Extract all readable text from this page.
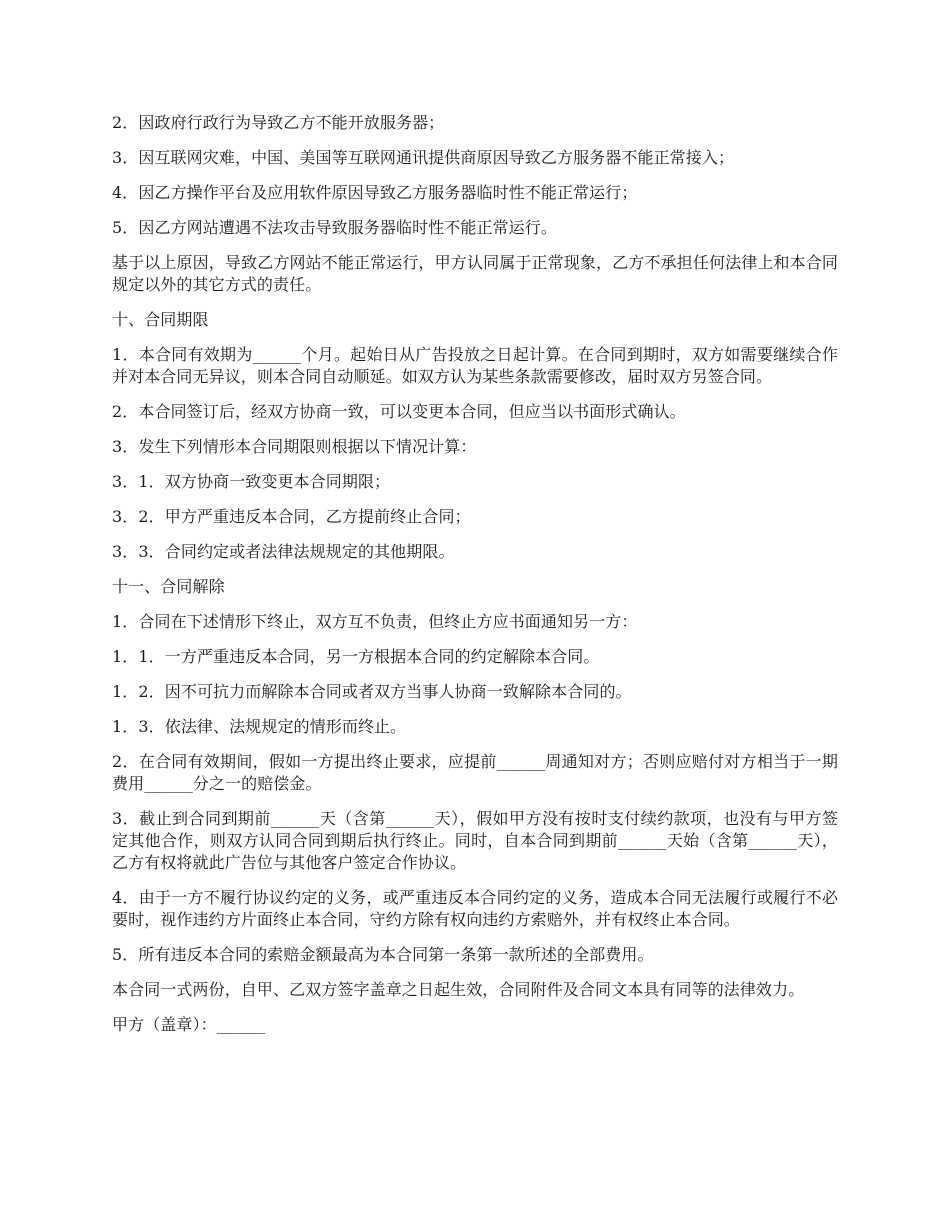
2．因政府行政行为导致乙方不能开放服务器；

3．因互联网灾难，中国、美国等互联网通讯提供商原因导致乙方服务器不能正常接入；

4．因乙方操作平台及应用软件原因导致乙方服务器临时性不能正常运行；

5．因乙方网站遭遇不法攻击导致服务器临时性不能正常运行。

基于以上原因，导致乙方网站不能正常运行，甲方认同属于正常现象，乙方不承担任何法律上和本合同规定以外的其它方式的责任。

十、合同期限

1．本合同有效期为______个月。起始日从广告投放之日起计算。在合同到期时，双方如需要继续合作并对本合同无异议，则本合同自动顺延。如双方认为某些条款需要修改，届时双方另签合同。

2．本合同签订后，经双方协商一致，可以变更本合同，但应当以书面形式确认。

3．发生下列情形本合同期限则根据以下情况计算：

3．1．双方协商一致变更本合同期限；

3．2．甲方严重违反本合同，乙方提前终止合同；

3．3．合同约定或者法律法规规定的其他期限。

十一、合同解除

1．合同在下述情形下终止，双方互不负责，但终止方应书面通知另一方：

1．1．一方严重违反本合同，另一方根据本合同的约定解除本合同。

1．2．因不可抗力而解除本合同或者双方当事人协商一致解除本合同的。

1．3．依法律、法规规定的情形而终止。

2．在合同有效期间，假如一方提出终止要求，应提前______周通知对方；否则应赔付对方相当于一期费用______分之一的赔偿金。

3．截止到合同到期前______天（含第______天），假如甲方没有按时支付续约款项，也没有与甲方签定其他合作，则双方认同合同到期后执行终止。同时，自本合同到期前______天始（含第______天），乙方有权将就此广告位与其他客户签定合作协议。

4．由于一方不履行协议约定的义务，或严重违反本合同约定的义务，造成本合同无法履行或履行不必要时，视作违约方片面终止本合同，守约方除有权向违约方索赔外，并有权终止本合同。

5．所有违反本合同的索赔金额最高为本合同第一条第一款所述的全部费用。

本合同一式两份，自甲、乙双方签字盖章之日起生效，合同附件及合同文本具有同等的法律效力。

甲方（盖章）：______
